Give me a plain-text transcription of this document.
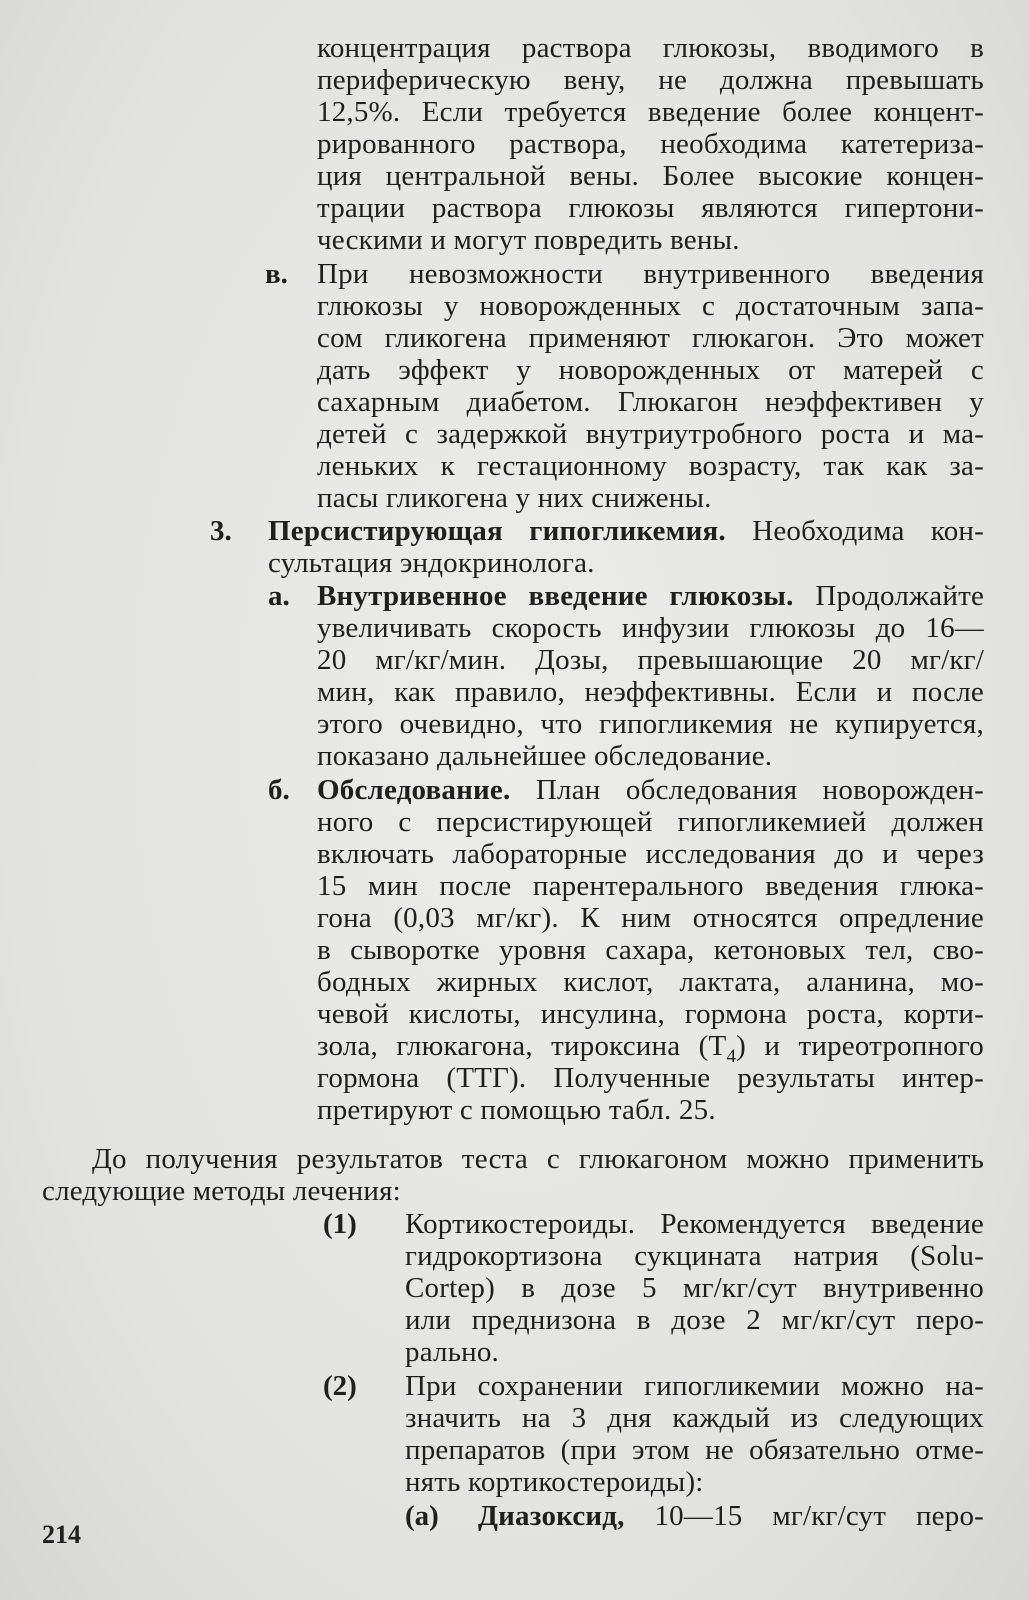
концентрация раствора глюкозы, вводимого в
периферическую вену, не должна превышать
12,5%. Если требуется введение более концент-
рированного раствора, необходима катетериза-
ция центральной вены. Более высокие концен-
трации раствора глюкозы являются гипертони-
ческими и могут повредить вены.
в. При невозможности внутривенного введения
глюкозы у новорожденных с достаточным запа-
сом гликогена применяют глюкагон. Это может
дать эффект у новорожденных от матерей с
сахарным диабетом. Глюкагон неэффективен у
детей с задержкой внутриутробного роста и ма-
леньких к гестационному возрасту, так как за-
пасы гликогена у них снижены.
3. Персистирующая гипогликемия. Необходима кон-
сультация эндокринолога.
а. Внутривенное введение глюкозы. Продолжайте
увеличивать скорость инфузии глюкозы до 16—
20 мг/кг/мин. Дозы, превышающие 20 мг/кг/
мин, как правило, неэффективны. Если и после
этого очевидно, что гипогликемия не купируется,
показано дальнейшее обследование.
б. Обследование. План обследования новорожден-
ного с персистирующей гипогликемией должен
включать лабораторные исследования до и через
15 мин после парентерального введения глюка-
гона (0,03 мг/кг). К ним относятся опредление
в сыворотке уровня сахара, кетоновых тел, сво-
бодных жирных кислот, лактата, аланина, мо-
чевой кислоты, инсулина, гормона роста, корти-
зола, глюкагона, тироксина $(Т_4)$ и тиреотропного
гормона (ТТГ). Полученные результаты интер-
претируют с помощью табл. 25.
До получения результатов теста с глюкагоном можно применить
следующие методы лечения:
(1) Кортикостероиды. Рекомендуется введение
гидрокортизона сукцината натрия (Solu-
Cortep) в дозе 5 мг/кг/сут внутривенно
или преднизона в дозе 2 мг/кг/сут перо-
рально.
(2) При сохранении гипогликемии можно на-
значить на 3 дня каждый из следующих
препаратов (при этом не обязательно отме-
нять кортикостероиды):
(а) Диазоксид, 10—15 мг/кг/сут перо-
214
